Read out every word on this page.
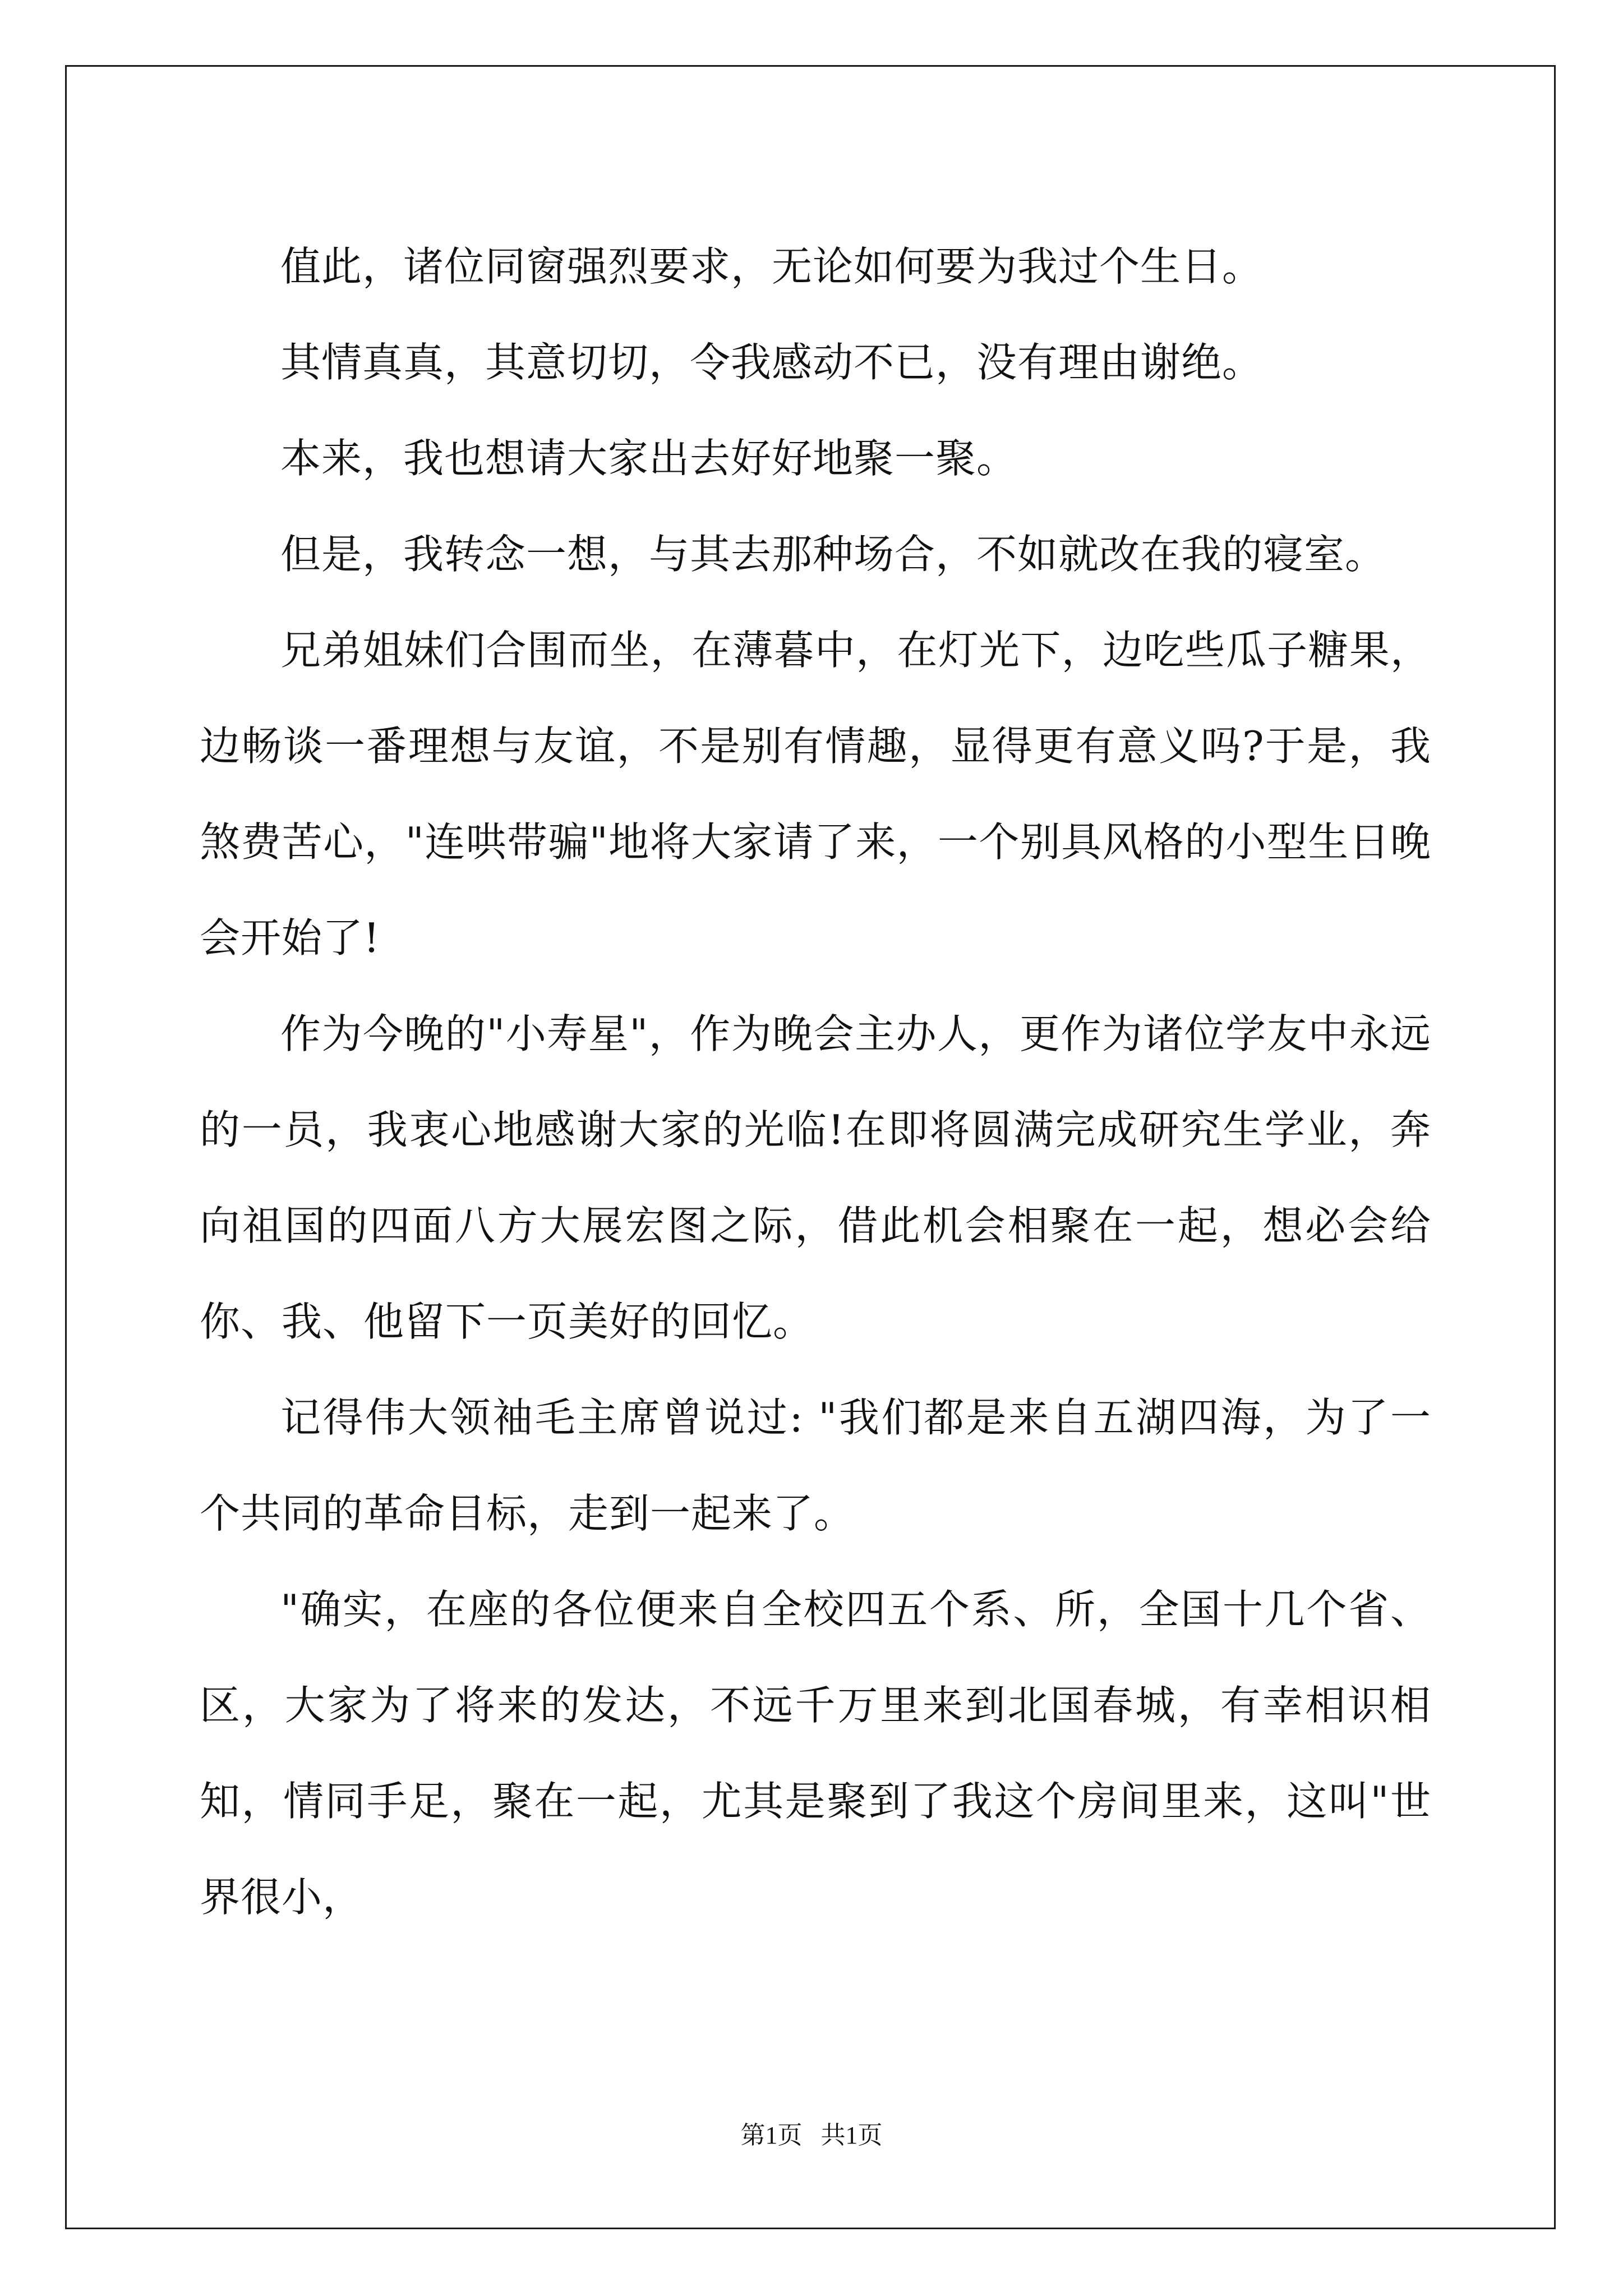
值此，诸位同窗强烈要求，无论如何要为我过个生日。

其情真真，其意切切，令我感动不已，没有理由谢绝。

本来，我也想请大家出去好好地聚一聚。

但是，我转念一想，与其去那种场合，不如就改在我的寝室。

兄弟姐妹们合围而坐，在薄暮中，在灯光下，边吃些瓜子糖果，边畅谈一番理想与友谊，不是别有情趣，显得更有意义吗?于是，我煞费苦心，"连哄带骗"地将大家请了来，一个别具风格的小型生日晚会开始了!

作为今晚的"小寿星"，作为晚会主办人，更作为诸位学友中永远的一员，我衷心地感谢大家的光临!在即将圆满完成研究生学业，奔向祖国的四面八方大展宏图之际，借此机会相聚在一起，想必会给你、我、他留下一页美好的回忆。

记得伟大领袖毛主席曾说过: "我们都是来自五湖四海，为了一个共同的革命目标，走到一起来了。

"确实，在座的各位便来自全校四五个系、所，全国十几个省、区，大家为了将来的发达，不远千万里来到北国春城，有幸相识相知，情同手足，聚在一起，尤其是聚到了我这个房间里来，这叫"世界很小，

第1页 共1页
